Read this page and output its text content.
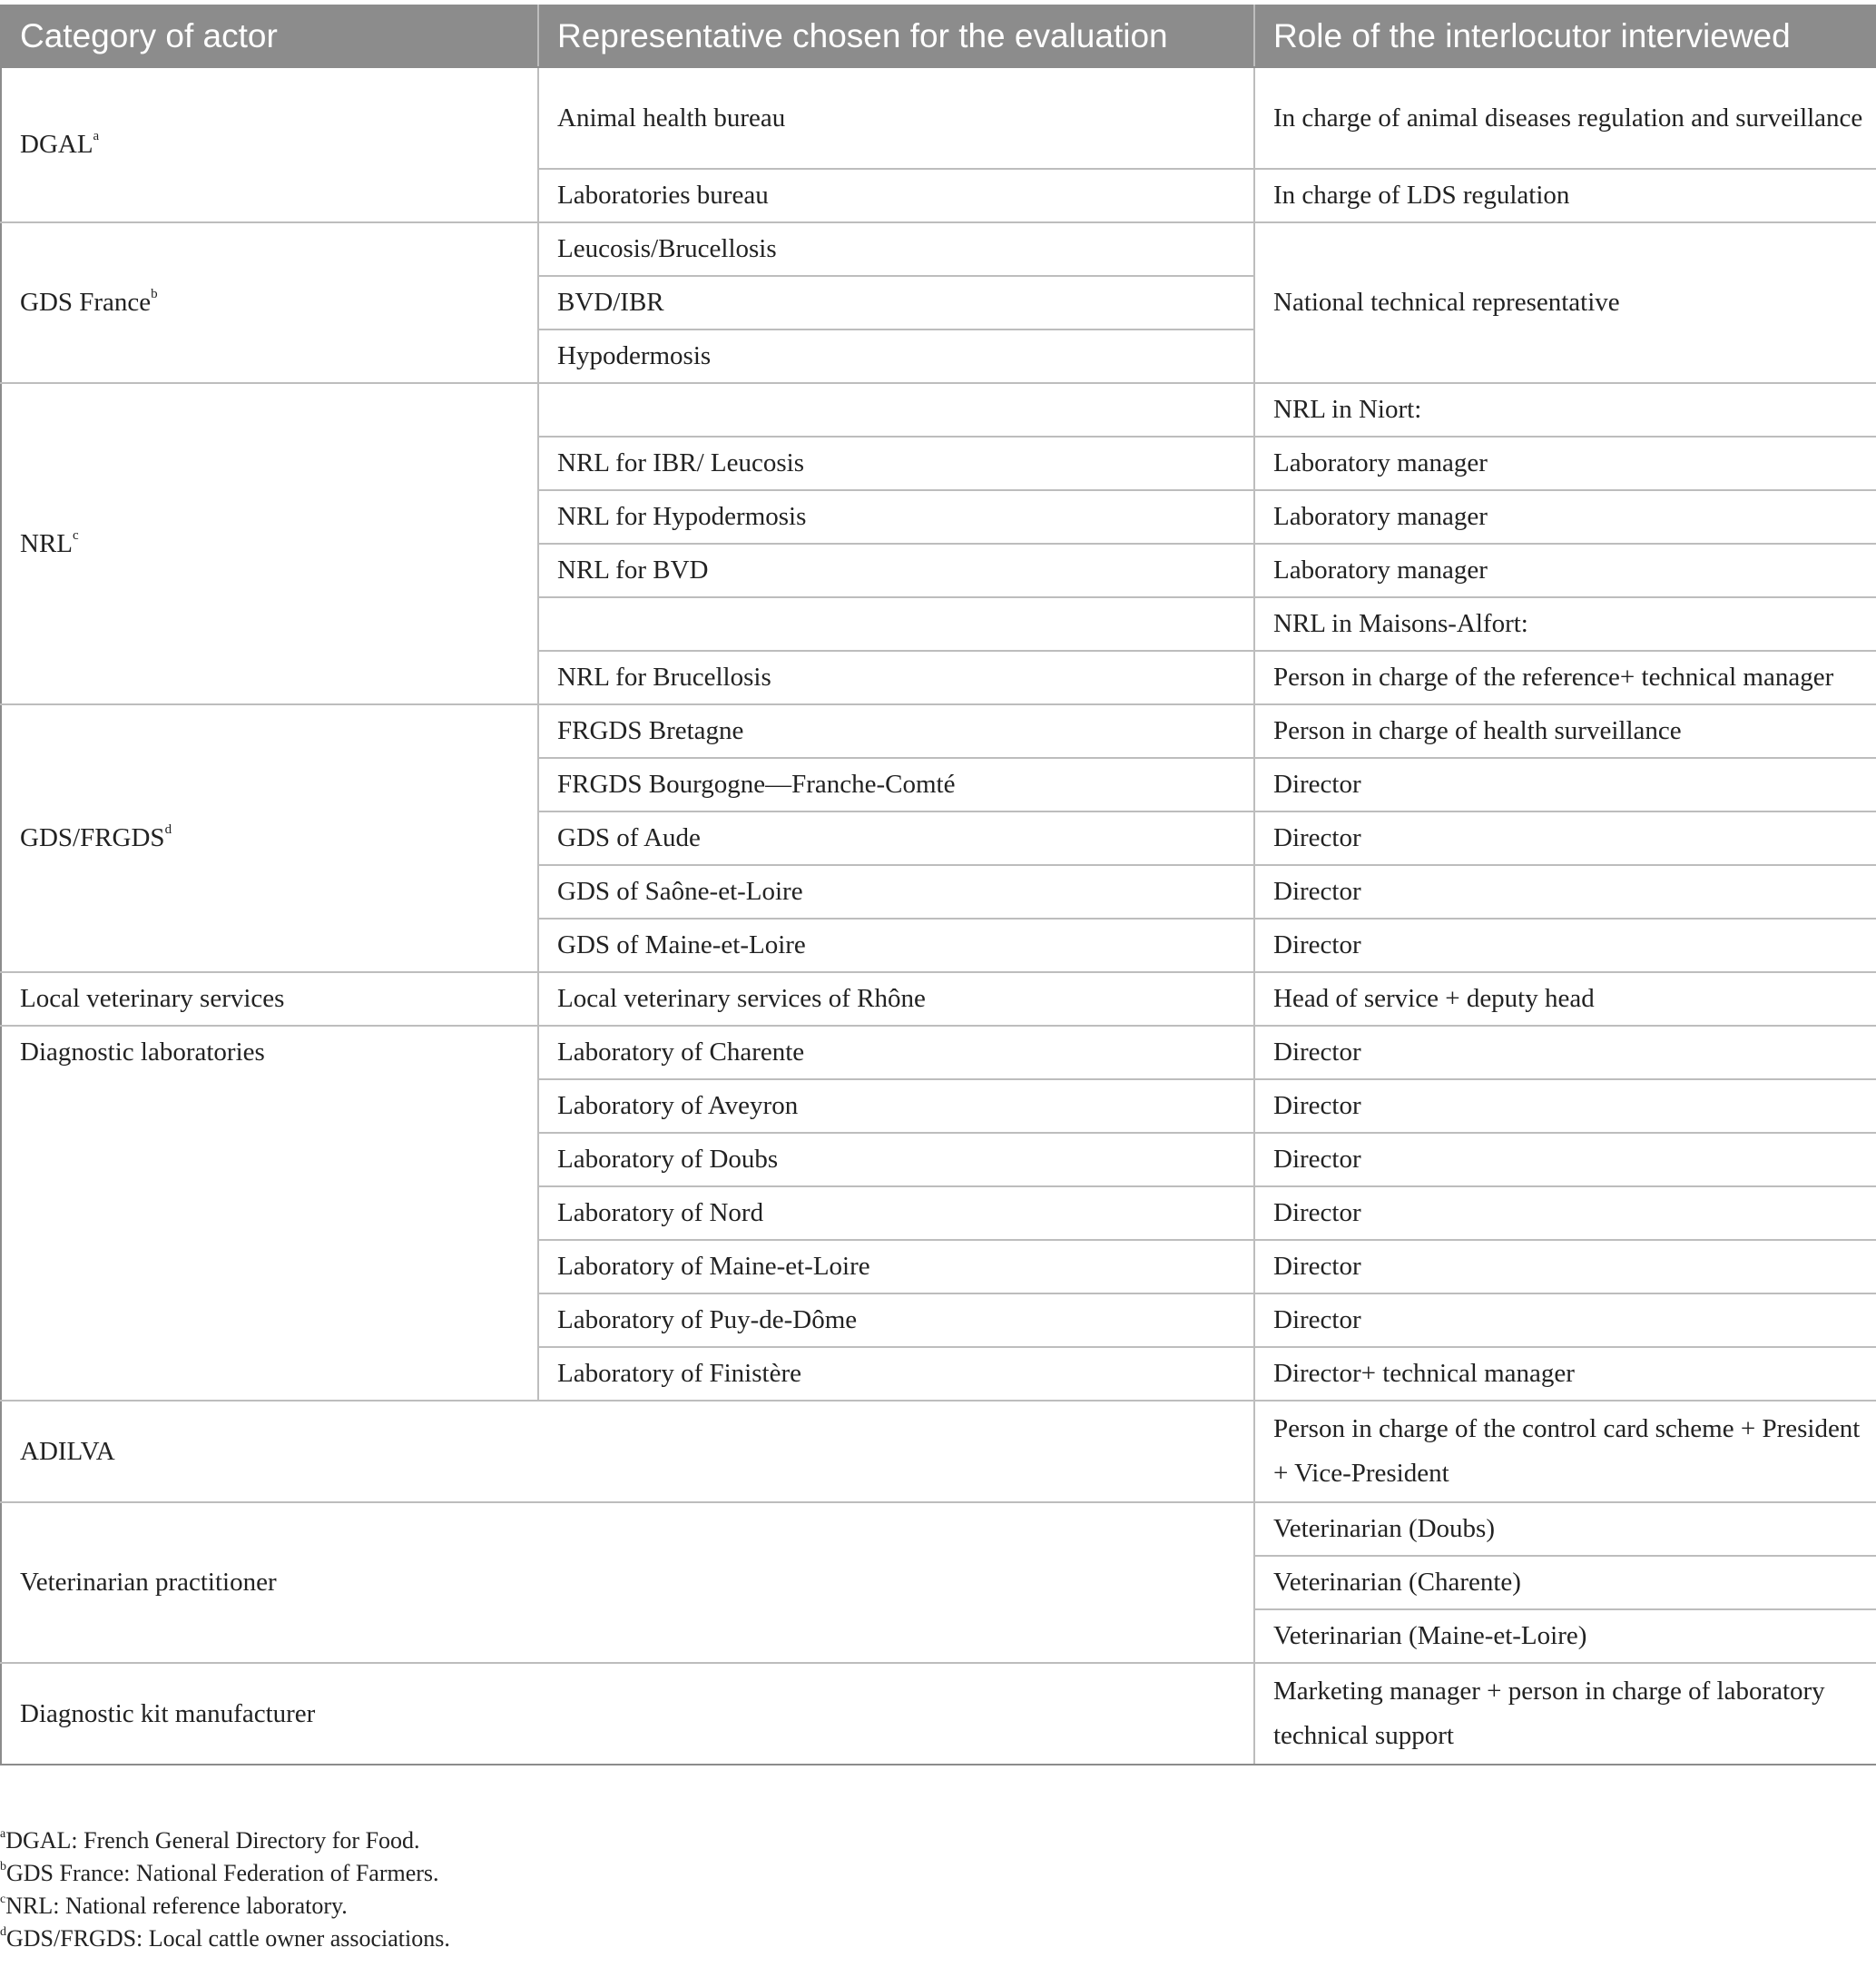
Category of actor	Representative chosen for the evaluation	Role of the interlocutor interviewed
DGAL$^a$	Animal health bureau	In charge of animal diseases regulation and surveillance
	Laboratories bureau	In charge of LDS regulation
GDS France$^b$	Leucosis/Brucellosis	National technical representative
	BVD/IBR	
	Hypodermosis	
NRL$^c$		NRL in Niort:
	NRL for IBR/ Leucosis	Laboratory manager
	NRL for Hypodermosis	Laboratory manager
	NRL for BVD	Laboratory manager
		NRL in Maisons-Alfort:
	NRL for Brucellosis	Person in charge of the reference+ technical manager
GDS/FRGDS$^d$	FRGDS Bretagne	Person in charge of health surveillance
	FRGDS Bourgogne—Franche-Comté	Director
	GDS of Aude	Director
	GDS of Saône-et-Loire	Director
	GDS of Maine-et-Loire	Director
Local veterinary services	Local veterinary services of Rhône	Head of service + deputy head
Diagnostic laboratories	Laboratory of Charente	Director
	Laboratory of Aveyron	Director
	Laboratory of Doubs	Director
	Laboratory of Nord	Director
	Laboratory of Maine-et-Loire	Director
	Laboratory of Puy-de-Dôme	Director
	Laboratory of Finistère	Director+ technical manager
ADILVA		Person in charge of the control card scheme + President + Vice-President
Veterinarian practitioner		Veterinarian (Doubs)
		Veterinarian (Charente)
		Veterinarian (Maine-et-Loire)
Diagnostic kit manufacturer		Marketing manager + person in charge of laboratory technical support
$^a$DGAL: French General Directory for Food.
$^b$GDS France: National Federation of Farmers.
$^c$NRL: National reference laboratory.
$^d$GDS/FRGDS: Local cattle owner associations.
